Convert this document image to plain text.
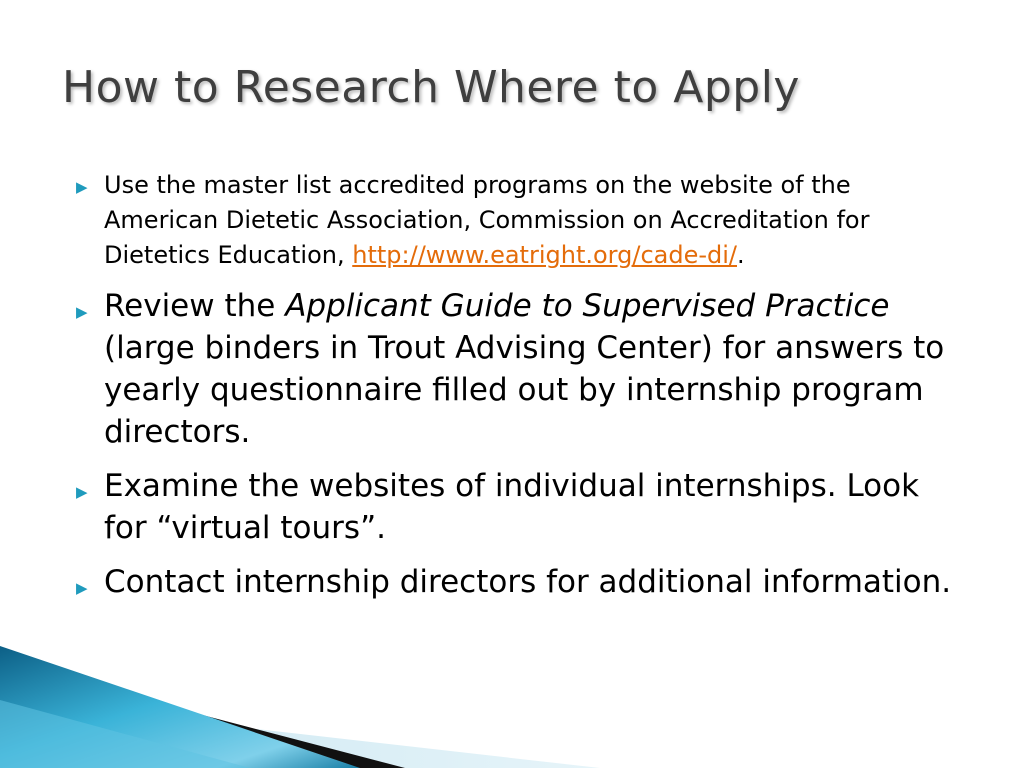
How to Research Where to Apply
▶ Use the master list accredited programs on the website of the American Dietetic Association, Commission on Accreditation for Dietetics Education, http://www.eatright.org/cade-di/.
▶ Review the Applicant Guide to Supervised Practice (large binders in Trout Advising Center) for answers to yearly questionnaire filled out by internship program directors.
▶ Examine the websites of individual internships. Look for “virtual tours”.
▶ Contact internship directors for additional information.
